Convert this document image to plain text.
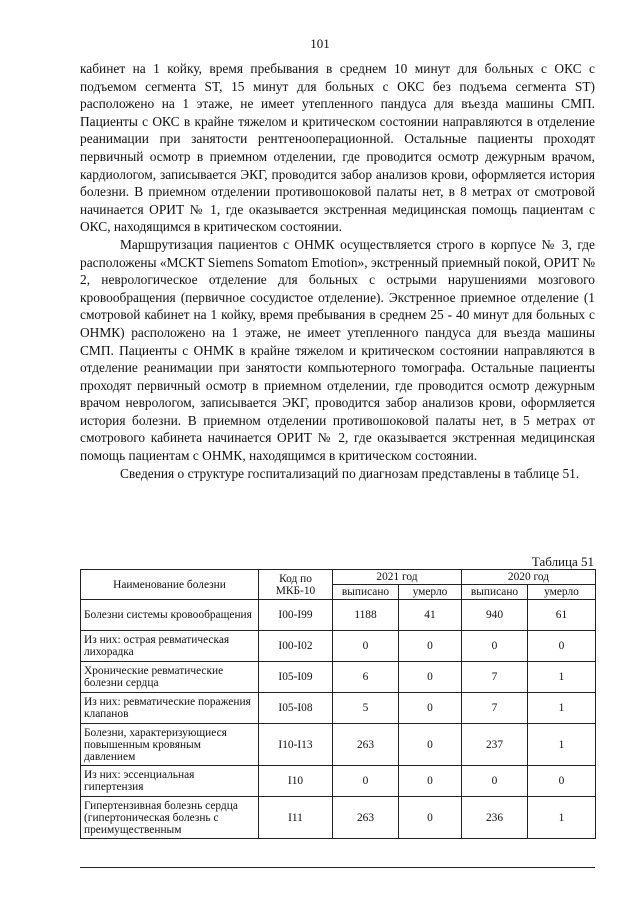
101

кабинет на 1 койку, время пребывания в среднем 10 минут для больных с ОКС с подъемом сегмента ST, 15 минут для больных с ОКС без подъема сегмента ST) расположено на 1 этаже, не имеет утепленного пандуса для въезда машины СМП. Пациенты с ОКС в крайне тяжелом и критическом состоянии направляются в отделение реанимации при занятости рентгенооперационной. Остальные пациенты проходят первичный осмотр в приемном отделении, где проводится осмотр дежурным врачом, кардиологом, записывается ЭКГ, проводится забор анализов крови, оформляется история болезни. В приемном отделении противошоковой палаты нет, в 8 метрах от смотровой начинается ОРИТ № 1, где оказывается экстренная медицинская помощь пациентам с ОКС, находящимся в критическом состоянии.

Маршрутизация пациентов с ОНМК осуществляется строго в корпусе № 3, где расположены «МСКТ Siemens Somatom Emotion», экстренный приемный покой, ОРИТ № 2, неврологическое отделение для больных с острыми нарушениями мозгового кровообращения (первичное сосудистое отделение). Экстренное приемное отделение (1 смотровой кабинет на 1 койку, время пребывания в среднем 25 - 40 минут для больных с ОНМК) расположено на 1 этаже, не имеет утепленного пандуса для въезда машины СМП. Пациенты с ОНМК в крайне тяжелом и критическом состоянии направляются в отделение реанимации при занятости компьютерного томографа. Остальные пациенты проходят первичный осмотр в приемном отделении, где проводится осмотр дежурным врачом неврологом, записывается ЭКГ, проводится забор анализов крови, оформляется история болезни. В приемном отделении противошоковой палаты нет, в 5 метрах от смотрового кабинета начинается ОРИТ № 2, где оказывается экстренная медицинская помощь пациентам с ОНМК, находящимся в критическом состоянии.

Сведения о структуре госпитализаций по диагнозам представлены в таблице 51.

Таблица 51
Наименование болезни	Код по МКБ-10	2021 год		2020 год	
		выписано	умерло	выписано	умерло
Болезни системы кровообращения	I00-I99	1188	41	940	61
Из них: острая ревматическая лихорадка	I00-I02	0	0	0	0
Хронические ревматические болезни сердца	I05-I09	6	0	7	1
Из них: ревматические поражения клапанов	I05-I08	5	0	7	1
Болезни, характеризующиеся повышенным кровяным давлением	I10-I13	263	0	237	1
Из них: эссенциальная гипертензия	I10	0	0	0	0
Гипертензивная болезнь сердца (гипертоническая болезнь с преимущественным	I11	263	0	236	1
